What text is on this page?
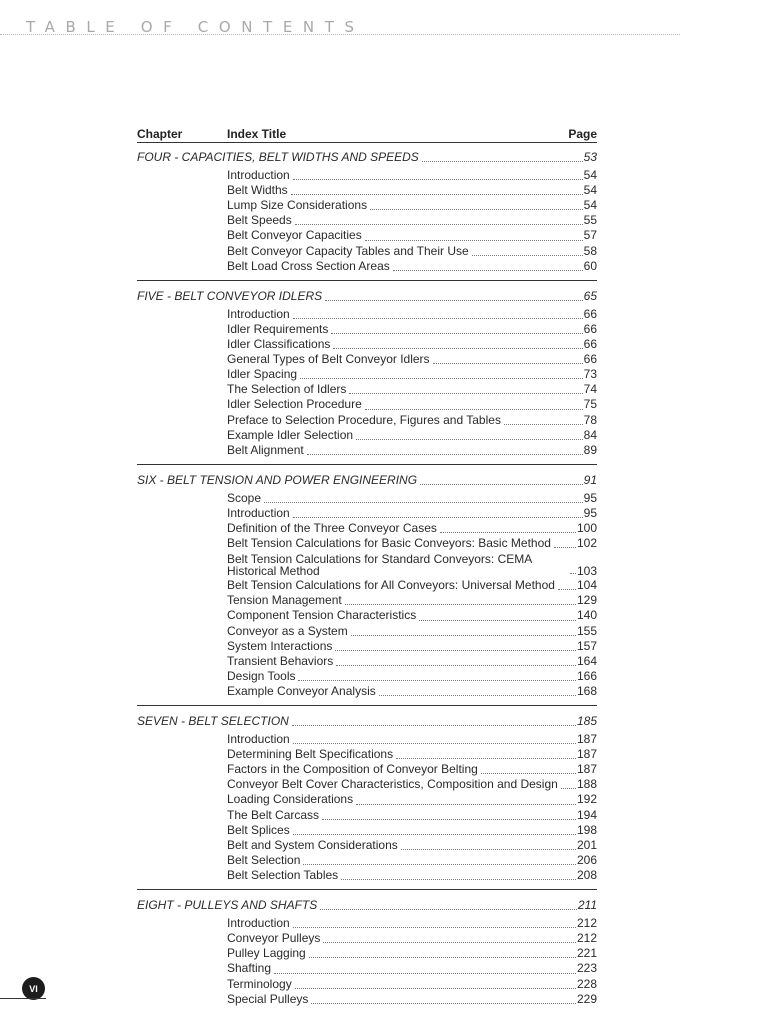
TABLE OF CONTENTS
Chapter	Index Title	Page
FOUR - CAPACITIES, BELT WIDTHS AND SPEEDS	53
Introduction	54
Belt Widths	54
Lump Size Considerations	54
Belt Speeds	55
Belt Conveyor Capacities	57
Belt Conveyor Capacity Tables and Their Use	58
Belt Load Cross Section Areas	60
FIVE - BELT CONVEYOR IDLERS	65
Introduction	66
Idler Requirements	66
Idler Classifications	66
General Types of Belt Conveyor Idlers	66
Idler Spacing	73
The Selection of Idlers	74
Idler Selection Procedure	75
Preface to Selection Procedure, Figures and Tables	78
Example Idler Selection	84
Belt Alignment	89
SIX - BELT TENSION AND POWER ENGINEERING	91
Scope	95
Introduction	95
Definition of the Three Conveyor Cases	100
Belt Tension Calculations for Basic Conveyors: Basic Method 102
Belt Tension Calculations for Standard Conveyors: CEMA Historical Method	103
Belt Tension Calculations for All Conveyors: Universal Method 104
Tension Management	129
Component Tension Characteristics	140
Conveyor as a System	155
System Interactions	157
Transient Behaviors	164
Design Tools	166
Example Conveyor Analysis	168
SEVEN - BELT SELECTION	185
Introduction	187
Determining Belt Specifications	187
Factors in the Composition of Conveyor Belting	187
Conveyor Belt Cover Characteristics, Composition and Design 188
Loading Considerations	192
The Belt Carcass	194
Belt Splices	198
Belt and System Considerations	201
Belt Selection	206
Belt Selection Tables	208
EIGHT - PULLEYS AND SHAFTS	211
Introduction	212
Conveyor Pulleys	212
Pulley Lagging	221
Shafting	223
Terminology	228
Special Pulleys	229
VI
